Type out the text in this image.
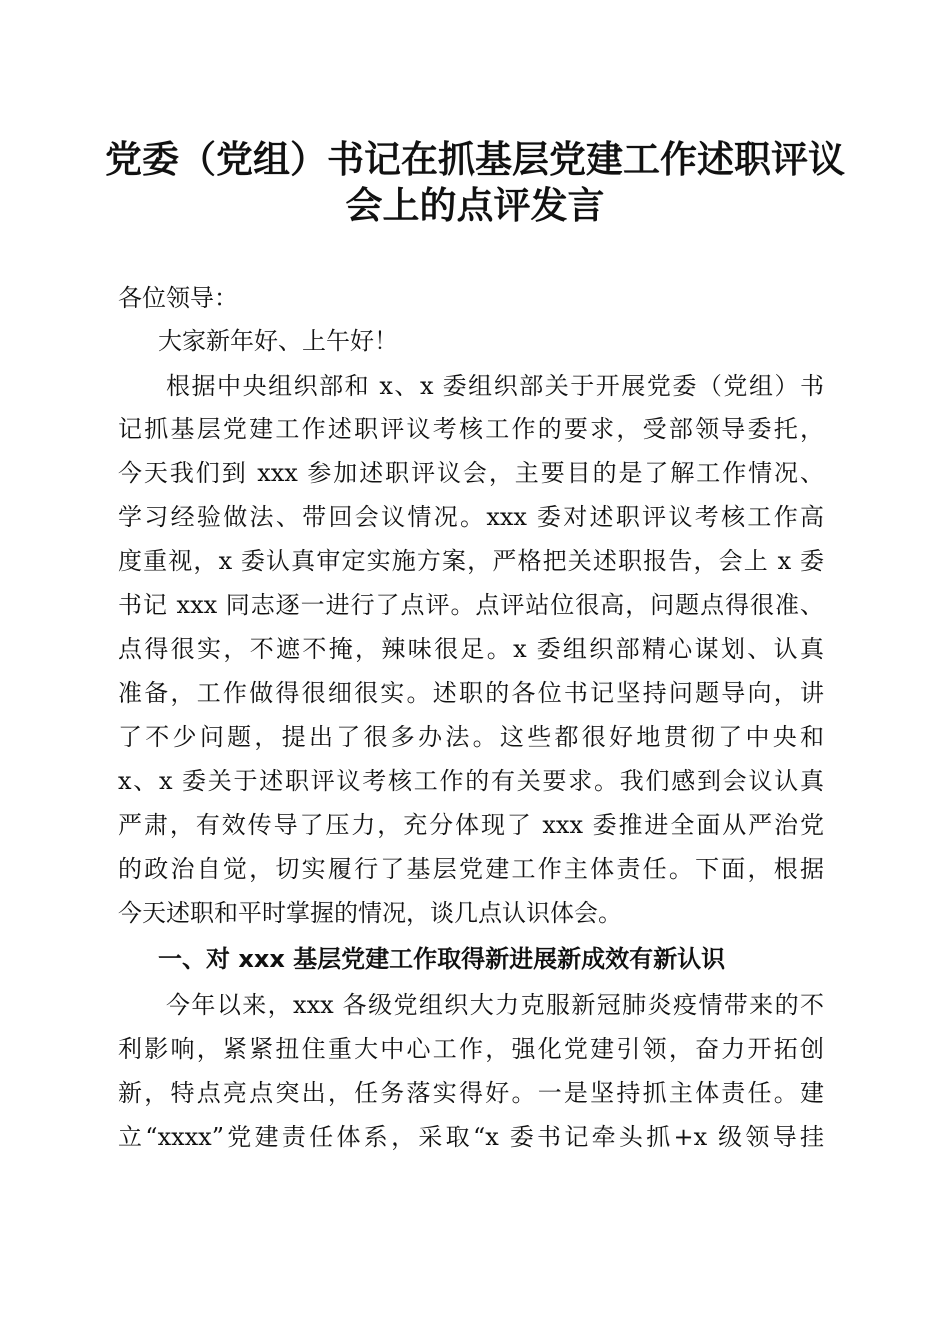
党委（党组）书记在抓基层党建工作述职评议
会上的点评发言
各位领导：
大家新年好、上午好！
根据中央组织部和 x、x 委组织部关于开展党委（党组）书
记抓基层党建工作述职评议考核工作的要求，受部领导委托，
今天我们到 xxx 参加述职评议会，主要目的是了解工作情况、
学习经验做法、带回会议情况。xxx 委对述职评议考核工作高
度重视，x 委认真审定实施方案，严格把关述职报告，会上 x 委
书记 xxx 同志逐一进行了点评。点评站位很高，问题点得很准、
点得很实，不遮不掩，辣味很足。x 委组织部精心谋划、认真
准备，工作做得很细很实。述职的各位书记坚持问题导向，讲
了不少问题，提出了很多办法。这些都很好地贯彻了中央和
x、x 委关于述职评议考核工作的有关要求。我们感到会议认真
严肃，有效传导了压力，充分体现了 xxx 委推进全面从严治党
的政治自觉，切实履行了基层党建工作主体责任。下面，根据
今天述职和平时掌握的情况，谈几点认识体会。
一、对 xxx 基层党建工作取得新进展新成效有新认识
今年以来，xxx 各级党组织大力克服新冠肺炎疫情带来的不
利影响，紧紧扭住重大中心工作，强化党建引领，奋力开拓创
新，特点亮点突出，任务落实得好。一是坚持抓主体责任。建
立“xxxx”党建责任体系，采取“x 委书记牵头抓+x 级领导挂
